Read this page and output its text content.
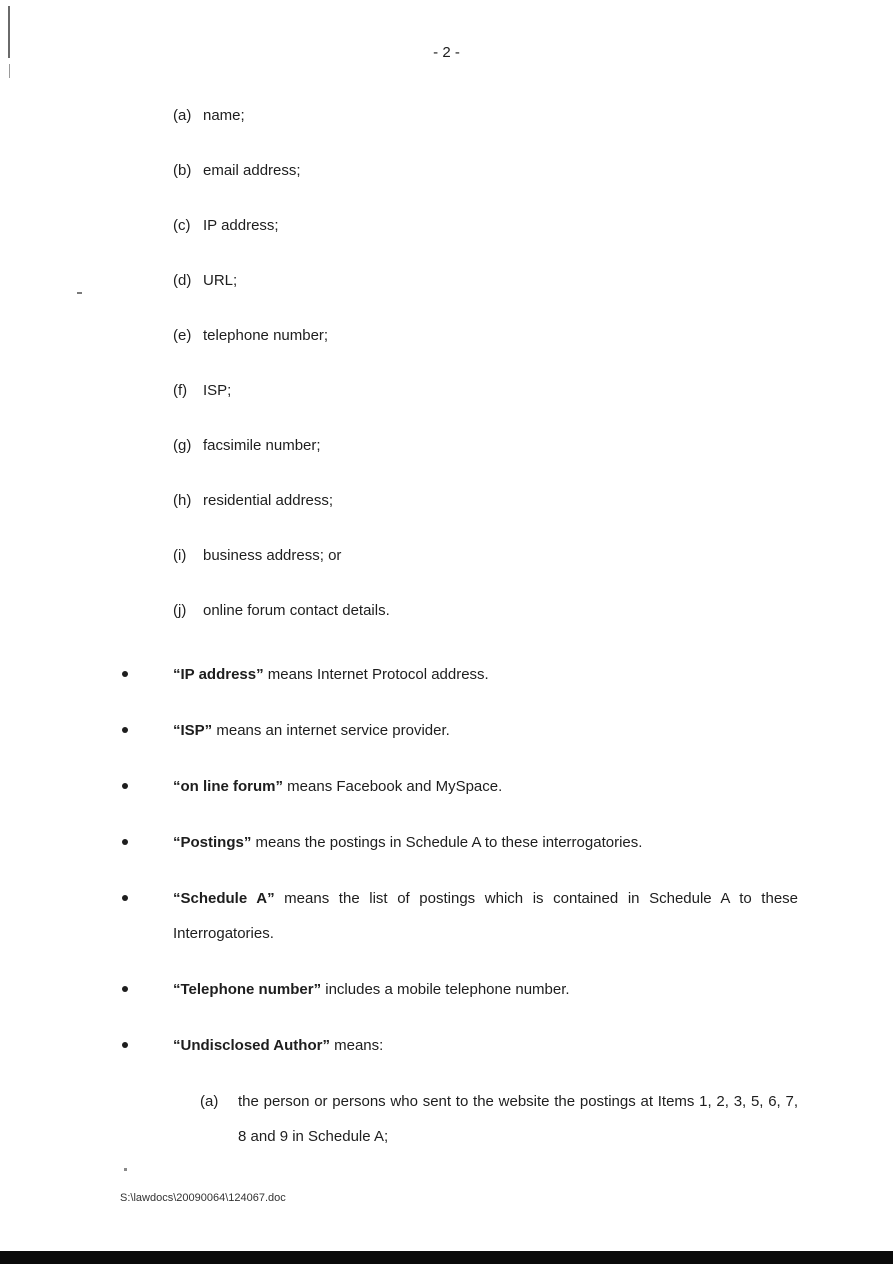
- 2 -
(a) name;
(b) email address;
(c) IP address;
(d) URL;
(e) telephone number;
(f) ISP;
(g) facsimile number;
(h) residential address;
(i) business address; or
(j) online forum contact details.
“IP address” means Internet Protocol address.
“ISP” means an internet service provider.
“on line forum” means Facebook and MySpace.
“Postings” means the postings in Schedule A to these interrogatories.
“Schedule A” means the list of postings which is contained in Schedule A to these Interrogatories.
“Telephone number” includes a mobile telephone number.
“Undisclosed Author” means:
(a)	the person or persons who sent to the website the postings at Items 1, 2, 3, 5, 6, 7, 8 and 9 in Schedule A;
S:\lawdocs\20090064\124067.doc
